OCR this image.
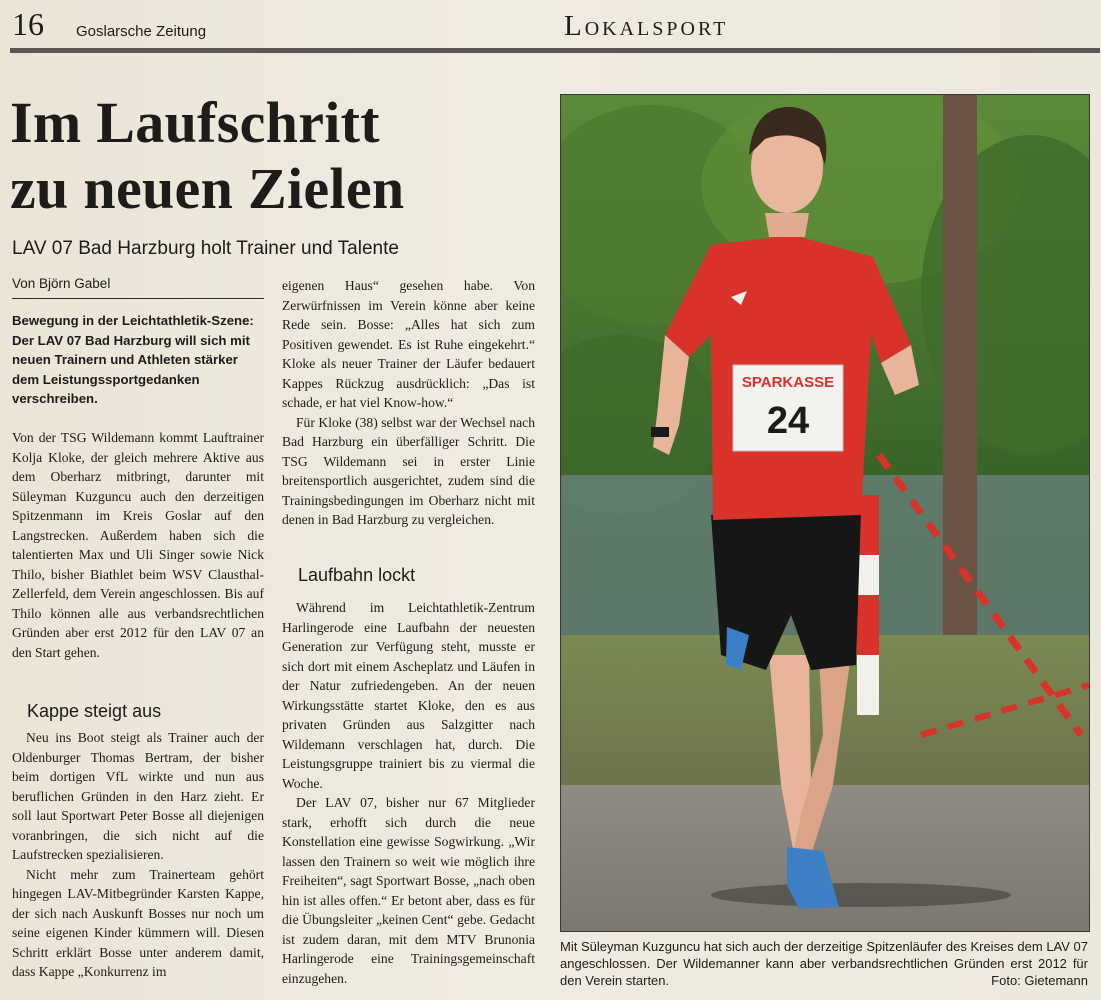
16 Goslarsche Zeitung	Lokalsport
Im Laufschritt
zu neuen Zielen
LAV 07 Bad Harzburg holt Trainer und Talente
Von Björn Gabel
Bewegung in der Leichtathletik-Szene: Der LAV 07 Bad Harzburg will sich mit neuen Trainern und Athleten stärker dem Leistungssportgedanken verschreiben.

Von der TSG Wildemann kommt Lauftrainer Kolja Kloke, der gleich mehrere Aktive aus dem Oberharz mitbringt, darunter mit Süleyman Kuzguncu auch den derzeitigen Spitzenmann im Kreis Goslar auf den Langstrecken. Außerdem haben sich die talentierten Max und Uli Singer sowie Nick Thilo, bisher Biathlet beim WSV Clausthal-Zellerfeld, dem Verein angeschlossen. Bis auf Thilo können alle aus verbandsrechtlichen Gründen aber erst 2012 für den LAV 07 an den Start gehen.

Kappe steigt aus

Neu ins Boot steigt als Trainer auch der Oldenburger Thomas Bertram, der bisher beim dortigen VfL wirkte und nun aus beruflichen Gründen in den Harz zieht. Er soll laut Sportwart Peter Bosse all diejenigen voranbringen, die sich nicht auf die Laufstrecken spezialisieren.

Nicht mehr zum Trainerteam gehört hingegen LAV-Mitbegründer Karsten Kappe, der sich nach Auskunft Bosses nur noch um seine eigenen Kinder kümmern will. Diesen Schritt erklärt Bosse unter anderem damit, dass Kappe „Konkurrenz im

eigenen Haus“ gesehen habe. Von Zerwürfnissen im Verein könne aber keine Rede sein. Bosse: „Alles hat sich zum Positiven gewendet. Es ist Ruhe eingekehrt.“ Kloke als neuer Trainer der Läufer bedauert Kappes Rückzug ausdrücklich: „Das ist schade, er hat viel Know-how.“

Für Kloke (38) selbst war der Wechsel nach Bad Harzburg ein überfälliger Schritt. Die TSG Wildemann sei in erster Linie breitensportlich ausgerichtet, zudem sind die Trainingsbedingungen im Oberharz nicht mit denen in Bad Harzburg zu vergleichen.

Laufbahn lockt

Während im Leichtathletik-Zentrum Harlingerode eine Laufbahn der neuesten Generation zur Verfügung steht, musste er sich dort mit einem Ascheplatz und Läufen in der Natur zufriedengeben. An der neuen Wirkungsstätte startet Kloke, den es aus privaten Gründen aus Salzgitter nach Wildemann verschlagen hat, durch. Die Leistungsgruppe trainiert bis zu viermal die Woche.

Der LAV 07, bisher nur 67 Mitglieder stark, erhofft sich durch die neue Konstellation eine gewisse Sogwirkung. „Wir lassen den Trainern so weit wie möglich ihre Freiheiten“, sagt Sportwart Bosse, „nach oben hin ist alles offen.“ Er betont aber, dass es für die Übungsleiter „keinen Cent“ gebe. Gedacht ist zudem daran, mit dem MTV Brunonia Harlingerode eine Trainingsgemeinschaft einzugehen.

SPARKASSE
24
Mit Süleyman Kuzguncu hat sich auch der derzeitige Spitzenläufer des Kreises dem LAV 07 angeschlossen. Der Wildemanner kann aber verbandsrechtlichen Gründen erst 2012 für den Verein starten.	Foto: Gietemann
